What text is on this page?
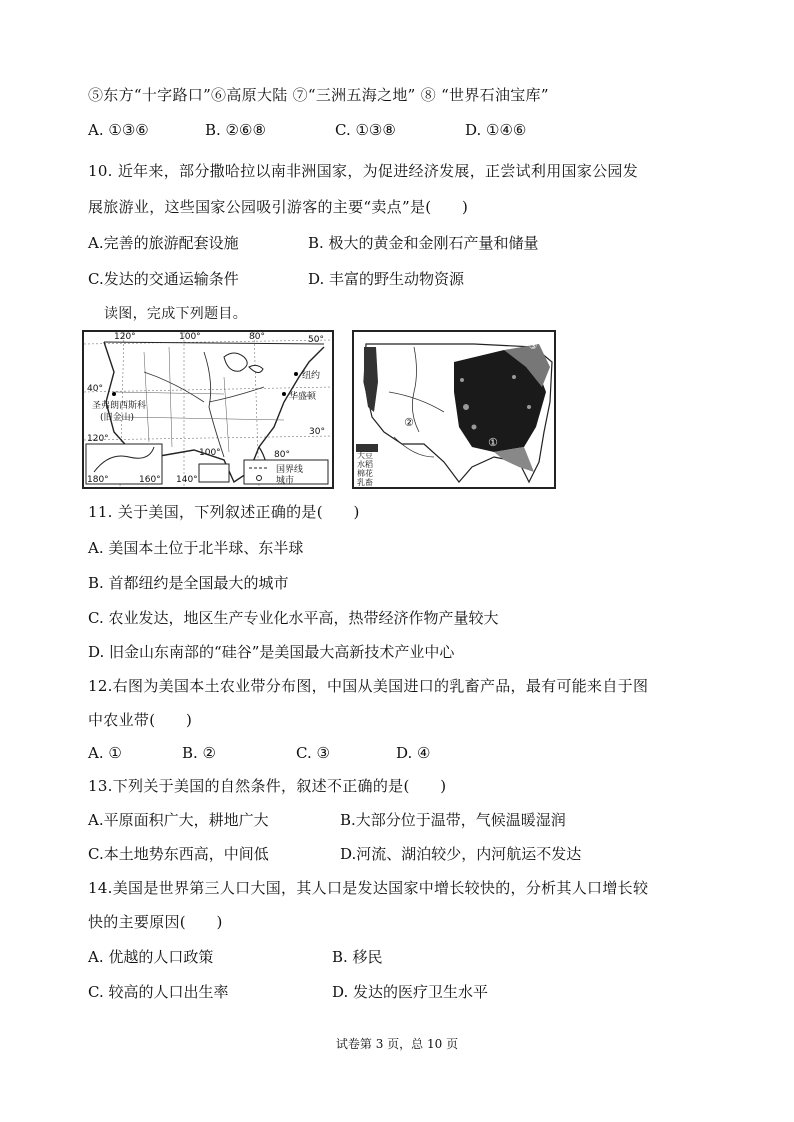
⑤东方“十字路口”⑥高原大陆 ⑦“三洲五海之地” ⑧ “世界石油宝库”
A. ①③⑥	B. ②⑥⑧	C. ①③⑧	D. ①④⑥
10. 近年来，部分撒哈拉以南非洲国家，为促进经济发展，正尝试利用国家公园发
展旅游业，这些国家公园吸引游客的主要“卖点”是(　　)
A.完善的旅游配套设施	B. 极大的黄金和金刚石产量和储量
C.发达的交通运输条件	D. 丰富的野生动物资源
读图，完成下列题目。
120°	100°	80°	50°
40°
30°
120°
180°	160° 140°
圣弗朗西斯科
(旧金山)
纽约
华盛顿
100°	80°
国界线
城市
①
②
大豆
水稻
棉花
乳畜
③
④
11. 关于美国，下列叙述正确的是(　　)
A. 美国本土位于北半球、东半球
B. 首都纽约是全国最大的城市
C. 农业发达，地区生产专业化水平高，热带经济作物产量较大
D. 旧金山东南部的“硅谷”是美国最大高新技术产业中心
12.右图为美国本土农业带分布图，中国从美国进口的乳畜产品，最有可能来自于图
中农业带(　　)
A. ①	B. ②	C. ③	D. ④
13.下列关于美国的自然条件，叙述不正确的是(　　)
A.平原面积广大，耕地广大	B.大部分位于温带，气候温暖湿润
C.本土地势东西高，中间低	D.河流、湖泊较少，内河航运不发达
14.美国是世界第三人口大国，其人口是发达国家中增长较快的，分析其人口增长较
快的主要原因(　　)
A. 优越的人口政策	B. 移民
C. 较高的人口出生率	D. 发达的医疗卫生水平
试卷第 3 页，总 10 页
